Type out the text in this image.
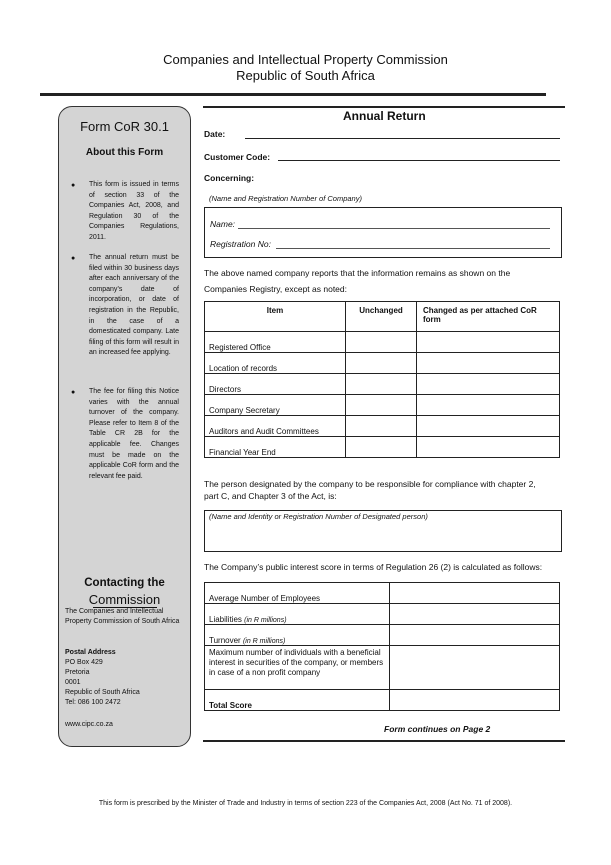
Companies and Intellectual Property Commission
Republic of South Africa
Form CoR 30.1
About this Form
● This form is issued in terms of section 33 of the Companies Act, 2008, and Regulation 30 of the Companies Regulations, 2011.
● The annual return must be filed within 30 business days after each anniversary of the company’s date of incorporation, or date of registration in the Republic, in the case of a domesticated company. Late filing of this form will result in an increased fee applying.
● The fee for filing this Notice varies with the annual turnover of the company. Please refer to Item 8 of the Table CR 2B for the applicable fee. Changes must be made on the applicable CoR form and the relevant fee paid.
Contacting the
Commission
The Companies and Intellectual Property Commission of South Africa
Postal Address
PO Box 429
Pretoria
0001
Republic of South Africa
Tel: 086 100 2472
www.cipc.co.za
Annual Return
Date:
Customer Code:
Concerning:
(Name and Registration Number of Company)
Name:
Registration No:
The above named company reports that the information remains as shown on the
Companies Registry, except as noted:
Item	Unchanged	Changed as per attached CoR form
Registered Office		
Location of records		
Directors		
Company Secretary		
Auditors and Audit Committees		
Financial Year End		
The person designated by the company to be responsible for compliance with chapter 2,
part C, and Chapter 3 of the Act, is:
(Name and Identity or Registration Number of Designated person)
The Company’s public interest score in terms of Regulation 26 (2) is calculated as follows:
Average Number of Employees	
Liabilities (in R millions)	
Turnover (in R millions)	
Maximum number of individuals with a beneficial interest in securities of the company, or members in case of a non profit company	
Total Score	
Form continues on Page 2
This form is prescribed by the Minister of Trade and Industry in terms of section 223 of the Companies Act, 2008 (Act No. 71 of 2008).
